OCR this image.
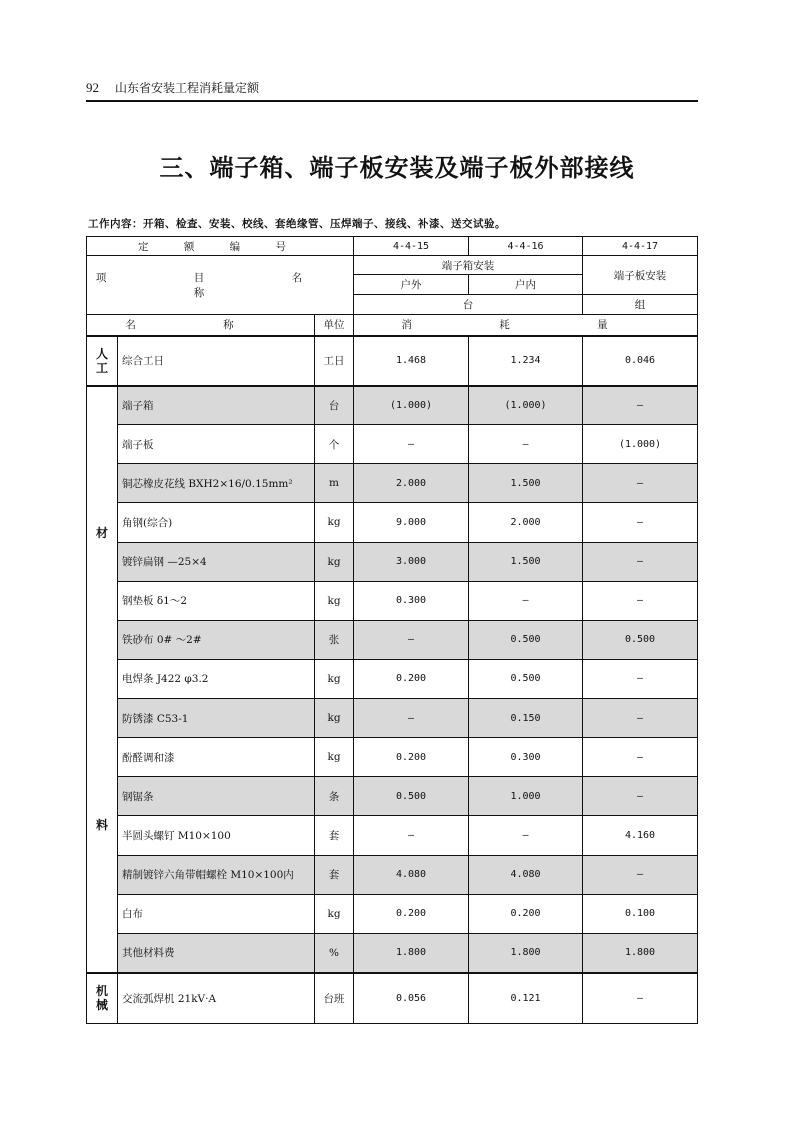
92 山东省安装工程消耗量定额
三、端子箱、端子板安装及端子板外部接线
工作内容：开箱、检查、安装、校线、套绝缘管、压焊端子、接线、补漆、送交试验。
定 额 编 号			4-4-15	4-4-16	4-4-17
项 目 名 称			端子箱安装		端子板安装
			户外	户内	
			台		组
名 称		单位	消 耗 量		

人工	综合工日	工日	1.468	1.234	0.046

材
料	端子箱	台	(1.000)	(1.000)	—
	端子板	个	—	—	(1.000)
	铜芯橡皮花线 BXH2×16/0.15mm²	m	2.000	1.500	—
	角钢(综合)	kg	9.000	2.000	—
	镀锌扁钢 —25×4	kg	3.000	1.500	—
	钢垫板 δ1～2	kg	0.300	—	—
	铁砂布 0# ～2#	张	—	0.500	0.500
	电焊条 J422 φ3.2	kg	0.200	0.500	—
	防锈漆 C53-1	kg	—	0.150	—
	酚醛调和漆	kg	0.200	0.300	—
	钢锯条	条	0.500	1.000	—
	半圆头螺钉 M10×100	套	—	—	4.160
	精制镀锌六角带帽螺栓 M10×100内	套	4.080	4.080	—
	白布	kg	0.200	0.200	0.100
	其他材料费	%	1.800	1.800	1.800

机械	交流弧焊机 21kV·A	台班	0.056	0.121	—
